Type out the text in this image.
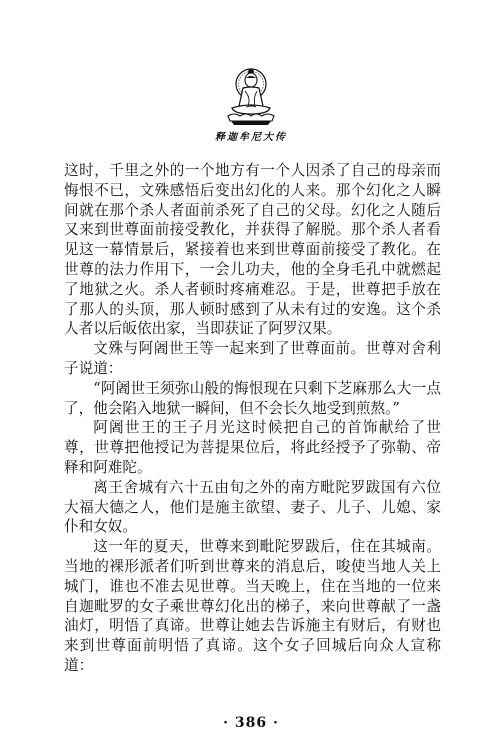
释迦牟尼大传

这时，千里之外的一个地方有一个人因杀了自己的母亲而悔恨不已，文殊感悟后变出幻化的人来。那个幻化之人瞬间就在那个杀人者面前杀死了自己的父母。幻化之人随后又来到世尊面前接受教化，并获得了解脱。那个杀人者看见这一幕情景后，紧接着也来到世尊面前接受了教化。在世尊的法力作用下，一会儿功夫，他的全身毛孔中就燃起了地狱之火。杀人者顿时疼痛难忍。于是，世尊把手放在了那人的头顶，那人顿时感到了从未有过的安逸。这个杀人者以后皈依出家，当即获证了阿罗汉果。

文殊与阿阇世王等一起来到了世尊面前。世尊对舍利子说道：

“阿阇世王须弥山般的悔恨现在只剩下芝麻那么大一点了，他会陷入地狱一瞬间，但不会长久地受到煎熬。”

阿阇世王的王子月光这时候把自己的首饰献给了世尊，世尊把他授记为菩提果位后，将此经授予了弥勒、帝释和阿难陀。

离王舍城有六十五由旬之外的南方毗陀罗跋国有六位大福大德之人，他们是施主欲望、妻子、儿子、儿媳、家仆和女奴。

这一年的夏天，世尊来到毗陀罗跋后，住在其城南。当地的裸形派者们听到世尊来的消息后，唆使当地人关上城门，谁也不准去见世尊。当天晚上，住在当地的一位来自迦毗罗的女子乘世尊幻化出的梯子，来向世尊献了一盏油灯，明悟了真谛。世尊让她去告诉施主有财后，有财也来到世尊面前明悟了真谛。这个女子回城后向众人宣称道：

· 386 ·
